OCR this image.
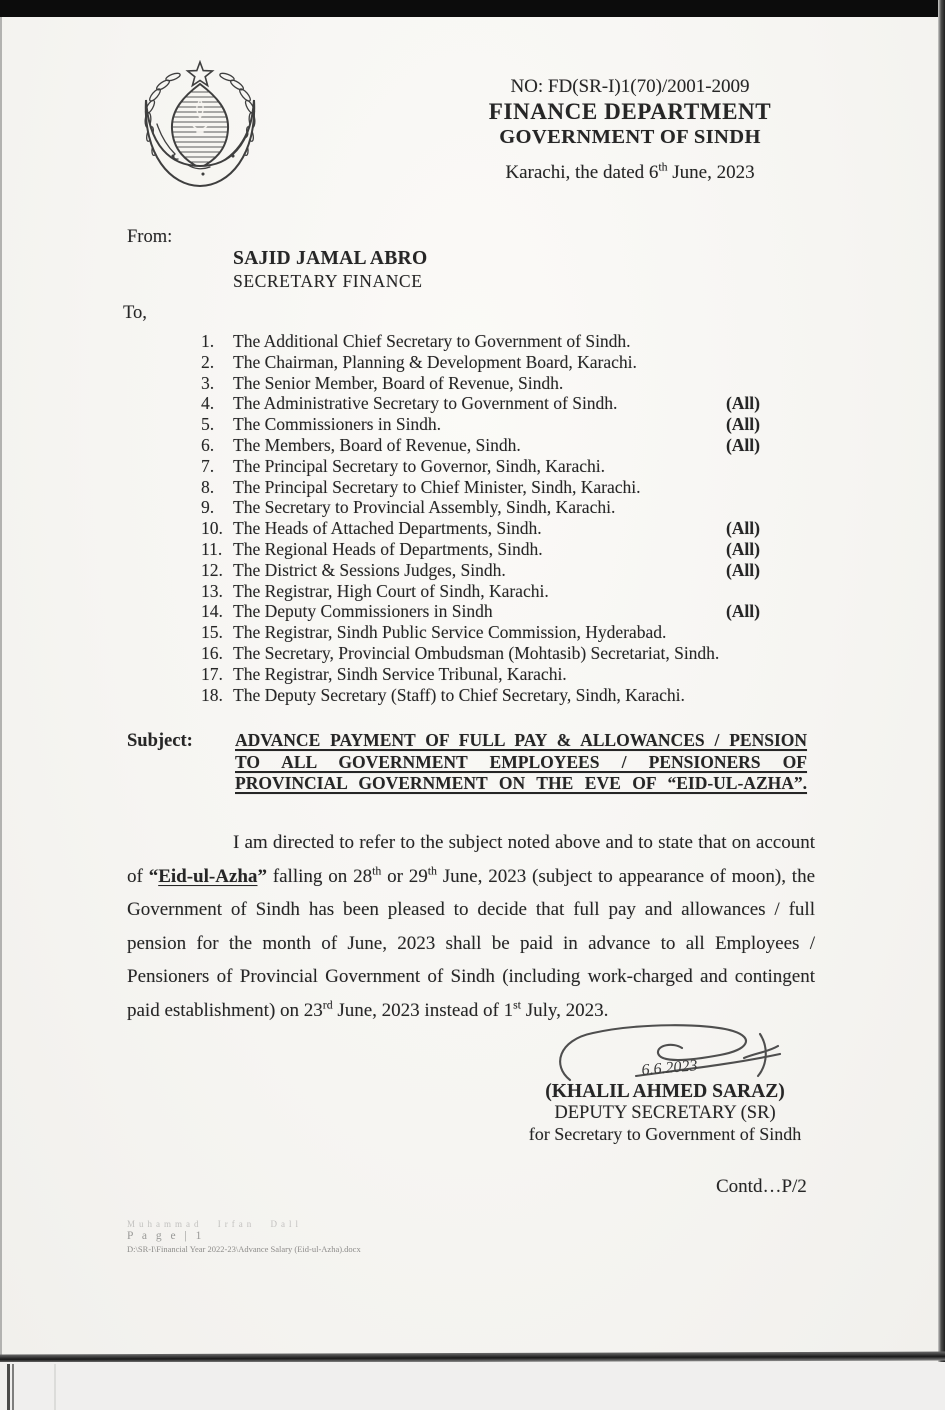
NO: FD(SR-I)1(70)/2001-2009
FINANCE DEPARTMENT
GOVERNMENT OF SINDH
Karachi, the dated 6th June, 2023
From:
SAJID JAMAL ABRO
SECRETARY FINANCE
To,
1.	The Additional Chief Secretary to Government of Sindh.
2.	The Chairman, Planning & Development Board, Karachi.
3.	The Senior Member, Board of Revenue, Sindh.
4.	The Administrative Secretary to Government of Sindh.	(All)
5.	The Commissioners in Sindh.	(All)
6.	The Members, Board of Revenue, Sindh.	(All)
7.	The Principal Secretary to Governor, Sindh, Karachi.
8.	The Principal Secretary to Chief Minister, Sindh, Karachi.
9.	The Secretary to Provincial Assembly, Sindh, Karachi.
10. The Heads of Attached Departments, Sindh.	(All)
11. The Regional Heads of Departments, Sindh.	(All)
12. The District & Sessions Judges, Sindh.	(All)
13. The Registrar, High Court of Sindh, Karachi.
14. The Deputy Commissioners in Sindh	(All)
15. The Registrar, Sindh Public Service Commission, Hyderabad.
16. The Secretary, Provincial Ombudsman (Mohtasib) Secretariat, Sindh.
17. The Registrar, Sindh Service Tribunal, Karachi.
18. The Deputy Secretary (Staff) to Chief Secretary, Sindh, Karachi.
Subject: ADVANCE PAYMENT OF FULL PAY & ALLOWANCES / PENSION
TO ALL GOVERNMENT EMPLOYEES / PENSIONERS OF
PROVINCIAL GOVERNMENT ON THE EVE OF “EID-UL-AZHA”.
I am directed to refer to the subject noted above and to state that on account of “Eid-ul-Azha” falling on 28th or 29th June, 2023 (subject to appearance of moon), the Government of Sindh has been pleased to decide that full pay and allowances / full pension for the month of June, 2023 shall be paid in advance to all Employees / Pensioners of Provincial Government of Sindh (including work-charged and contingent paid establishment) on 23rd June, 2023 instead of 1st July, 2023.
6.6.2023
(KHALIL AHMED SARAZ)
DEPUTY SECRETARY (SR)
for Secretary to Government of Sindh
Contd…P/2
Muhammad Irfan Dall
P a g e | 1
D:\SR-I\Financial Year 2022-23\Advance Salary (Eid-ul-Azha).docx
